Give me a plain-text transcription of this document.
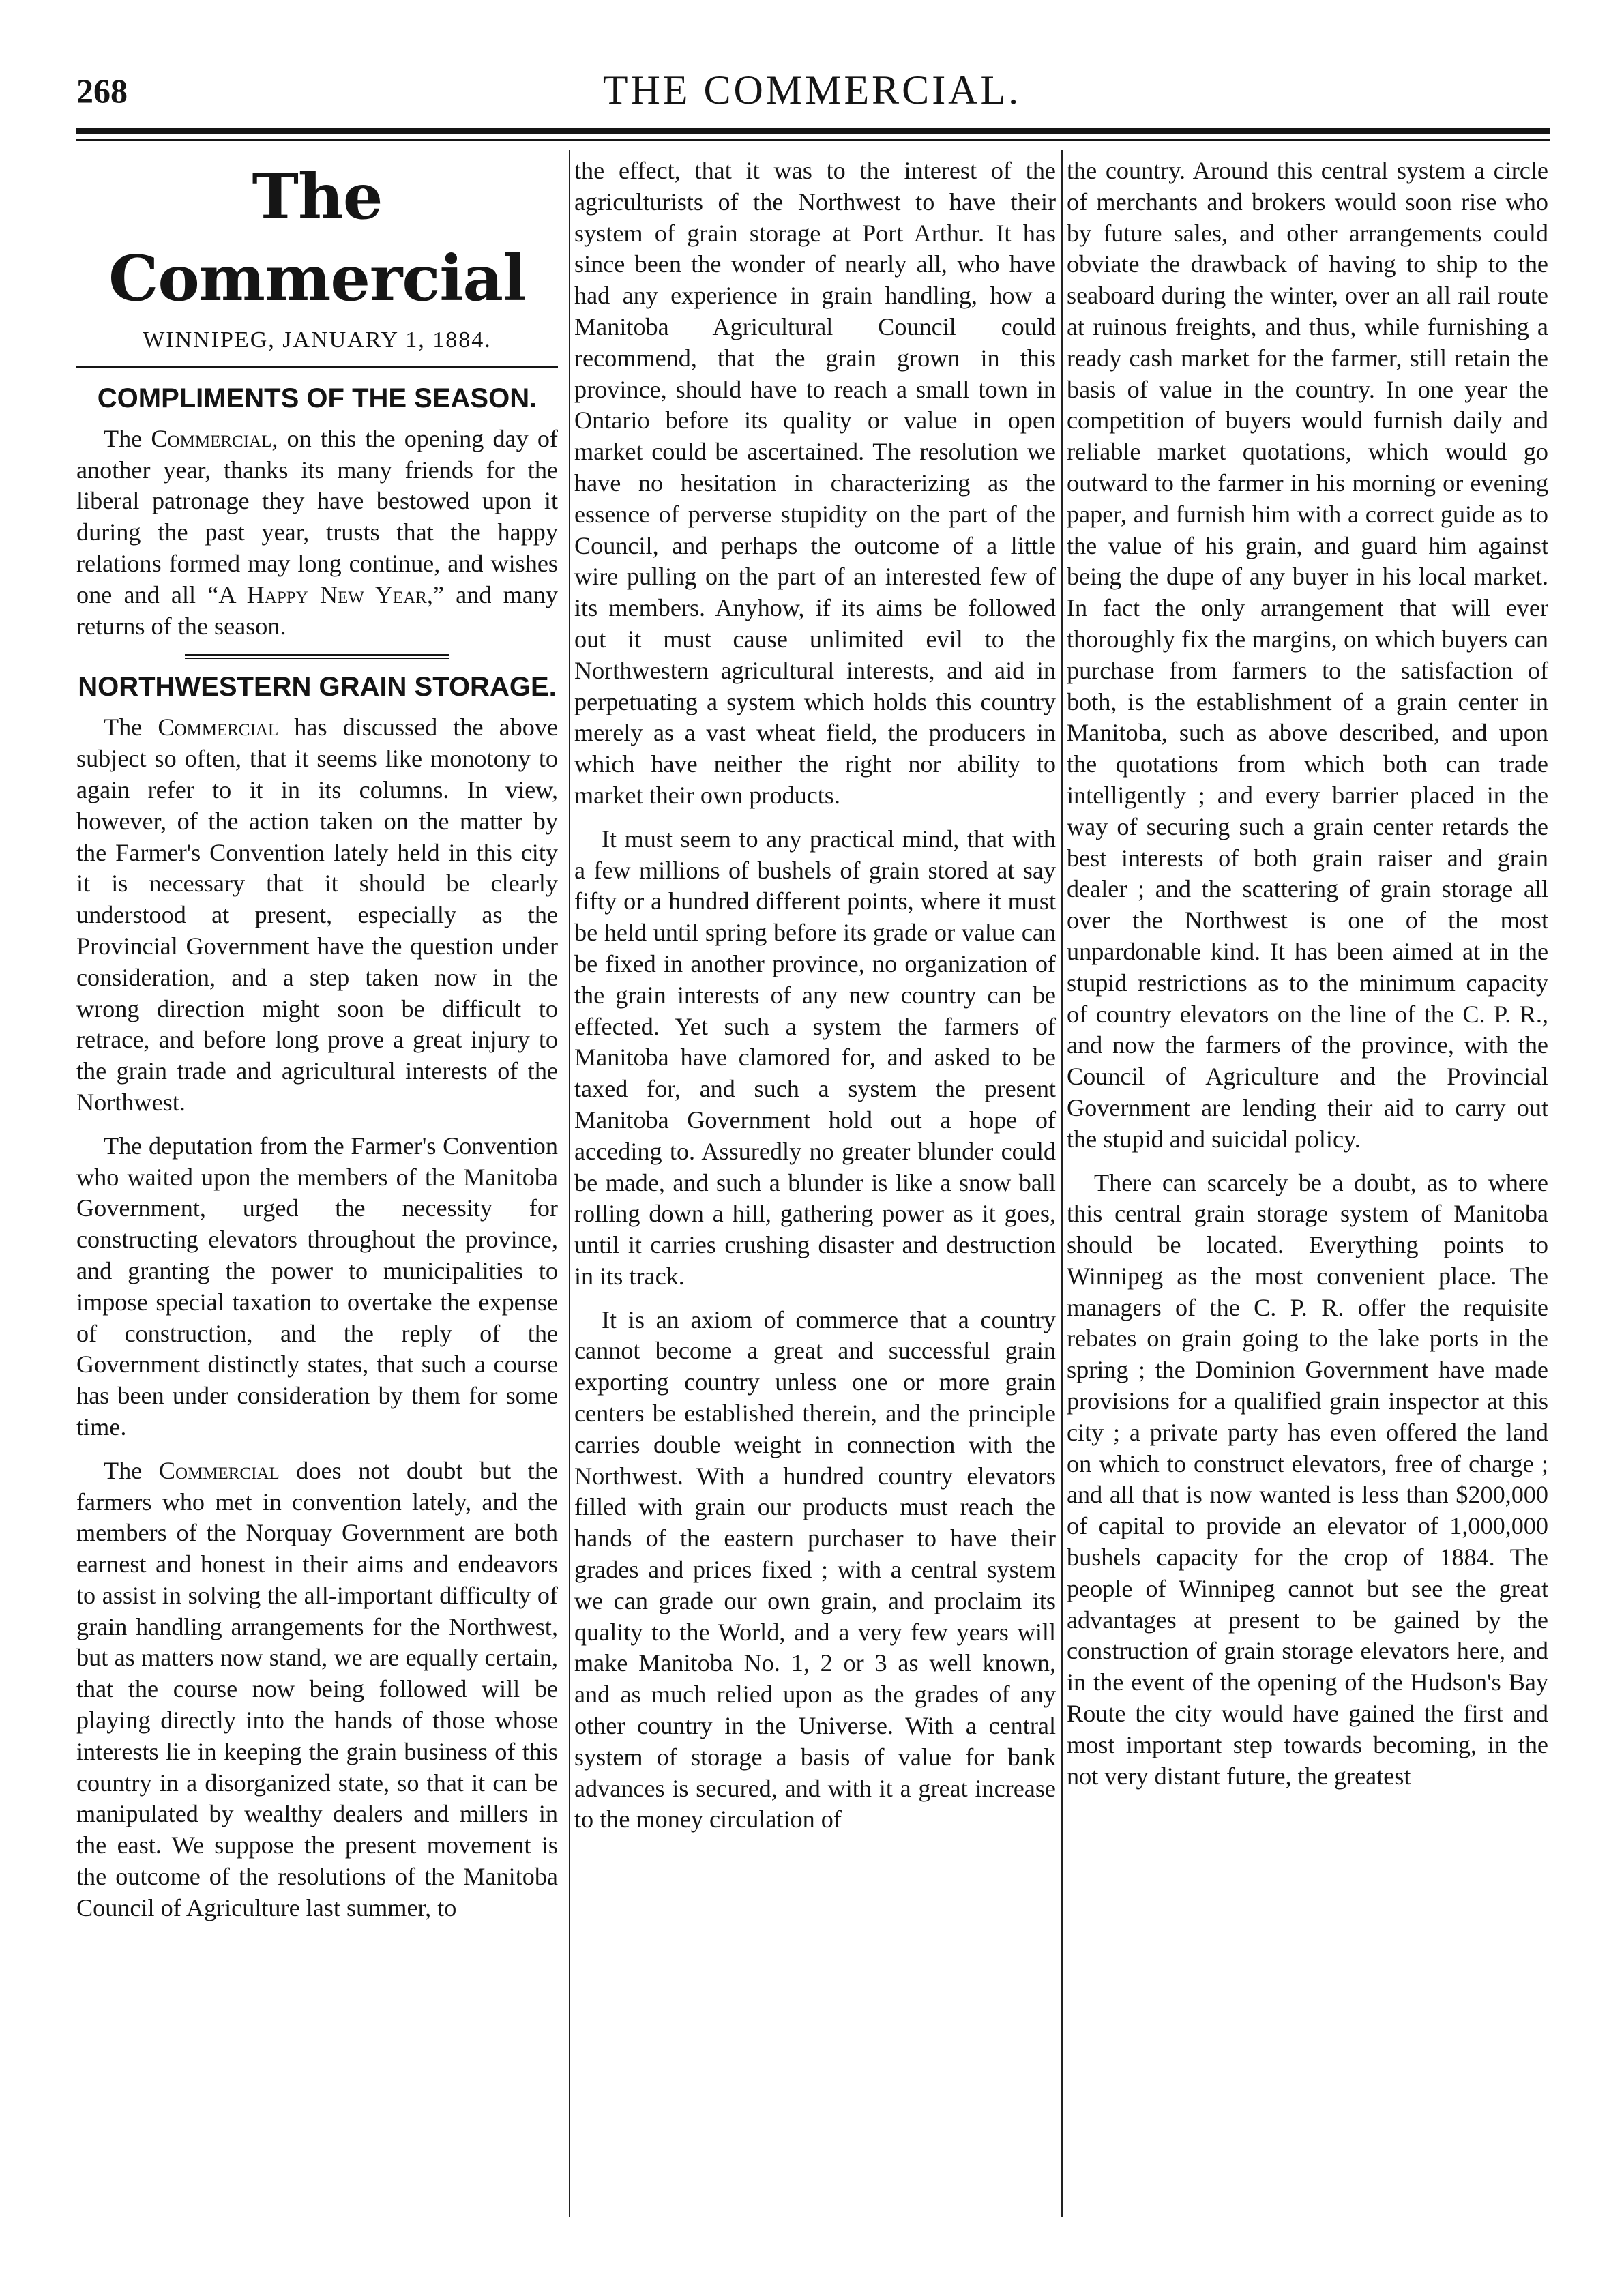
268	THE COMMERCIAL.
The Commercial
WINNIPEG, JANUARY 1, 1884.
COMPLIMENTS OF THE SEASON.

The Commercial, on this the opening day of another year, thanks its many friends for the liberal patronage they have bestowed upon it during the past year, trusts that the happy relations formed may long continue, and wishes one and all “A Happy New Year,” and many returns of the season.

NORTHWESTERN GRAIN STORAGE.

The Commercial has discussed the above subject so often, that it seems like monotony to again refer to it in its columns. In view, however, of the action taken on the matter by the Farmer's Convention lately held in this city it is necessary that it should be clearly understood at present, especially as the Provincial Government have the question under consideration, and a step taken now in the wrong direction might soon be difficult to retrace, and before long prove a great injury to the grain trade and agricultural interests of the Northwest.

The deputation from the Farmer's Convention who waited upon the members of the Manitoba Government, urged the necessity for constructing elevators throughout the province, and granting the power to municipalities to impose special taxation to overtake the expense of construction, and the reply of the Government distinctly states, that such a course has been under consideration by them for some time.

The Commercial does not doubt but the farmers who met in convention lately, and the members of the Norquay Government are both earnest and honest in their aims and endeavors to assist in solving the all-important difficulty of grain handling arrangements for the Northwest, but as matters now stand, we are equally certain, that the course now being followed will be playing directly into the hands of those whose interests lie in keeping the grain business of this country in a disorganized state, so that it can be manipulated by wealthy dealers and millers in the east. We suppose the present movement is the outcome of the resolutions of the Manitoba Council of Agriculture last summer, to

the effect, that it was to the interest of the agriculturists of the Northwest to have their system of grain storage at Port Arthur. It has since been the wonder of nearly all, who have had any experience in grain handling, how a Manitoba Agricultural Council could recommend, that the grain grown in this province, should have to reach a small town in Ontario before its quality or value in open market could be ascertained. The resolution we have no hesitation in characterizing as the essence of perverse stupidity on the part of the Council, and perhaps the outcome of a little wire pulling on the part of an interested few of its members. Anyhow, if its aims be followed out it must cause unlimited evil to the Northwestern agricultural interests, and aid in perpetuating a system which holds this country merely as a vast wheat field, the producers in which have neither the right nor ability to market their own products.

It must seem to any practical mind, that with a few millions of bushels of grain stored at say fifty or a hundred different points, where it must be held until spring before its grade or value can be fixed in another province, no organization of the grain interests of any new country can be effected. Yet such a system the farmers of Manitoba have clamored for, and asked to be taxed for, and such a system the present Manitoba Government hold out a hope of acceding to. Assuredly no greater blunder could be made, and such a blunder is like a snow ball rolling down a hill, gathering power as it goes, until it carries crushing disaster and destruction in its track.

It is an axiom of commerce that a country cannot become a great and successful grain exporting country unless one or more grain centers be established therein, and the principle carries double weight in connection with the Northwest. With a hundred country elevators filled with grain our products must reach the hands of the eastern purchaser to have their grades and prices fixed ; with a central system we can grade our own grain, and proclaim its quality to the World, and a very few years will make Manitoba No. 1, 2 or 3 as well known, and as much relied upon as the grades of any other country in the Universe. With a central system of storage a basis of value for bank advances is secured, and with it a great increase to the money circulation of

the country. Around this central system a circle of merchants and brokers would soon rise who by future sales, and other arrangements could obviate the drawback of having to ship to the seaboard during the winter, over an all rail route at ruinous freights, and thus, while furnishing a ready cash market for the farmer, still retain the basis of value in the country. In one year the competition of buyers would furnish daily and reliable market quotations, which would go outward to the farmer in his morning or evening paper, and furnish him with a correct guide as to the value of his grain, and guard him against being the dupe of any buyer in his local market. In fact the only arrangement that will ever thoroughly fix the margins, on which buyers can purchase from farmers to the satisfaction of both, is the establishment of a grain center in Manitoba, such as above described, and upon the quotations from which both can trade intelligently ; and every barrier placed in the way of securing such a grain center retards the best interests of both grain raiser and grain dealer ; and the scattering of grain storage all over the Northwest is one of the most unpardonable kind. It has been aimed at in the stupid restrictions as to the minimum capacity of country elevators on the line of the C. P. R., and now the farmers of the province, with the Council of Agriculture and the Provincial Government are lending their aid to carry out the stupid and suicidal policy.

There can scarcely be a doubt, as to where this central grain storage system of Manitoba should be located. Everything points to Winnipeg as the most convenient place. The managers of the C. P. R. offer the requisite rebates on grain going to the lake ports in the spring ; the Dominion Government have made provisions for a qualified grain inspector at this city ; a private party has even offered the land on which to construct elevators, free of charge ; and all that is now wanted is less than $200,000 of capital to provide an elevator of 1,000,000 bushels capacity for the crop of 1884. The people of Winnipeg cannot but see the great advantages at present to be gained by the construction of grain storage elevators here, and in the event of the opening of the Hudson's Bay Route the city would have gained the first and most important step towards becoming, in the not very distant future, the greatest
